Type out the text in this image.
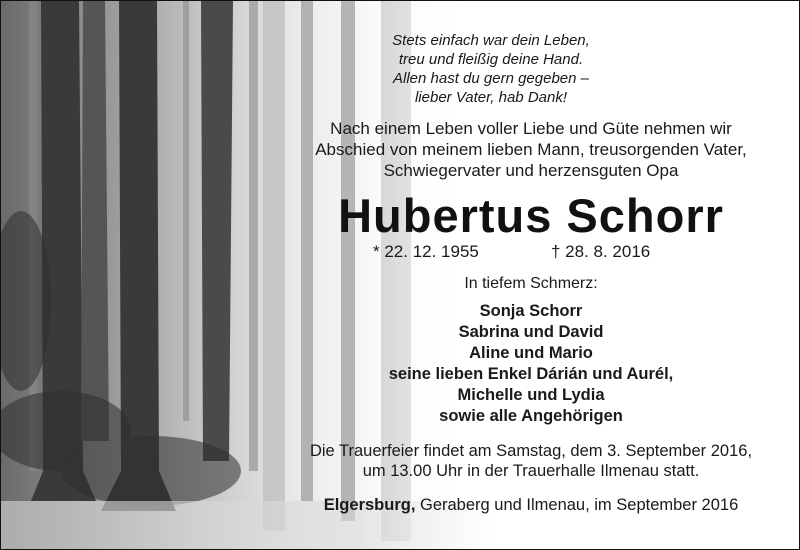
Stets einfach war dein Leben,
treu und fleißig deine Hand.
Allen hast du gern gegeben –
lieber Vater, hab Dank!
Nach einem Leben voller Liebe und Güte nehmen wir
Abschied von meinem lieben Mann, treusorgenden Vater,
Schwiegervater und herzensguten Opa
Hubertus Schorr
* 22. 12. 1955	† 28. 8. 2016
In tiefem Schmerz:
Sonja Schorr
Sabrina und David
Aline und Mario
seine lieben Enkel Dárián und Aurél,
Michelle und Lydia
sowie alle Angehörigen
Die Trauerfeier findet am Samstag, dem 3. September 2016,
um 13.00 Uhr in der Trauerhalle Ilmenau statt.
Elgersburg, Geraberg und Ilmenau, im September 2016
